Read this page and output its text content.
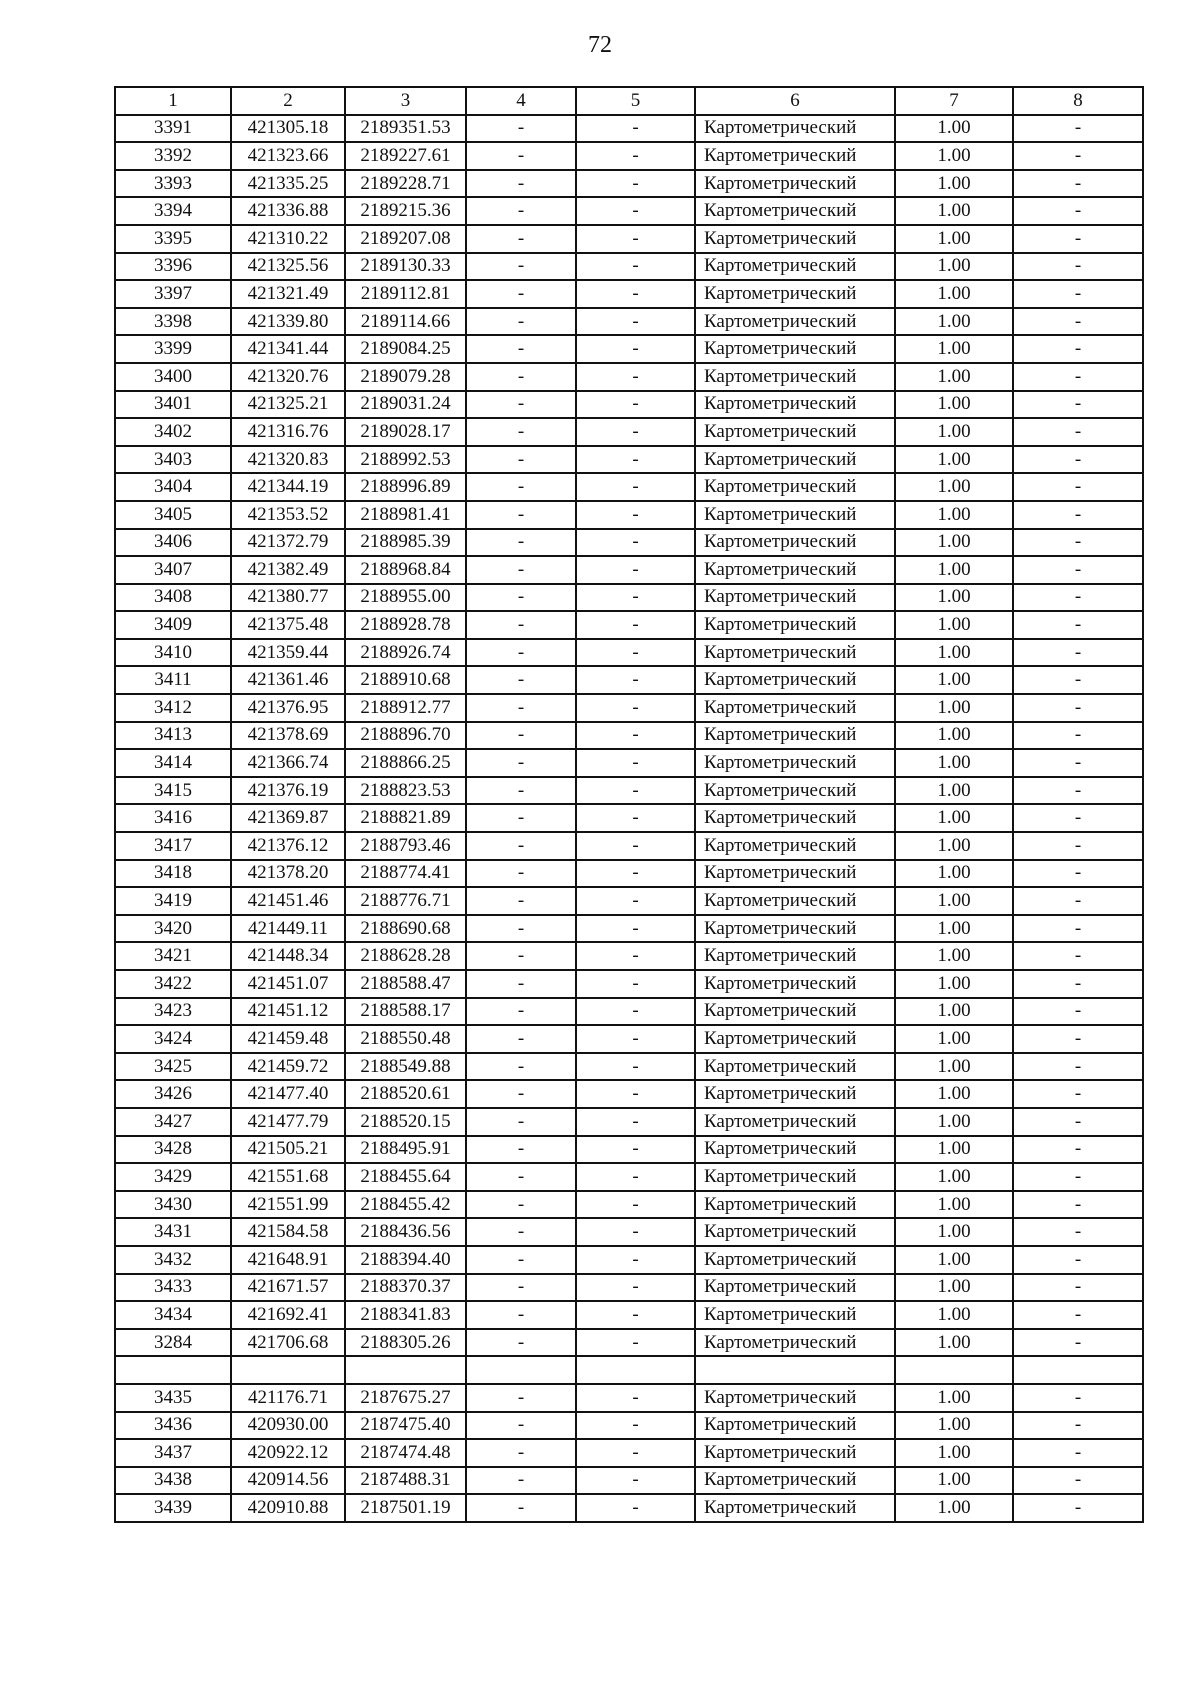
72
1	2	3	4	5	6	7	8
3391	421305.18	2189351.53	-	-	Картометрический	1.00	-
3392	421323.66	2189227.61	-	-	Картометрический	1.00	-
3393	421335.25	2189228.71	-	-	Картометрический	1.00	-
3394	421336.88	2189215.36	-	-	Картометрический	1.00	-
3395	421310.22	2189207.08	-	-	Картометрический	1.00	-
3396	421325.56	2189130.33	-	-	Картометрический	1.00	-
3397	421321.49	2189112.81	-	-	Картометрический	1.00	-
3398	421339.80	2189114.66	-	-	Картометрический	1.00	-
3399	421341.44	2189084.25	-	-	Картометрический	1.00	-
3400	421320.76	2189079.28	-	-	Картометрический	1.00	-
3401	421325.21	2189031.24	-	-	Картометрический	1.00	-
3402	421316.76	2189028.17	-	-	Картометрический	1.00	-
3403	421320.83	2188992.53	-	-	Картометрический	1.00	-
3404	421344.19	2188996.89	-	-	Картометрический	1.00	-
3405	421353.52	2188981.41	-	-	Картометрический	1.00	-
3406	421372.79	2188985.39	-	-	Картометрический	1.00	-
3407	421382.49	2188968.84	-	-	Картометрический	1.00	-
3408	421380.77	2188955.00	-	-	Картометрический	1.00	-
3409	421375.48	2188928.78	-	-	Картометрический	1.00	-
3410	421359.44	2188926.74	-	-	Картометрический	1.00	-
3411	421361.46	2188910.68	-	-	Картометрический	1.00	-
3412	421376.95	2188912.77	-	-	Картометрический	1.00	-
3413	421378.69	2188896.70	-	-	Картометрический	1.00	-
3414	421366.74	2188866.25	-	-	Картометрический	1.00	-
3415	421376.19	2188823.53	-	-	Картометрический	1.00	-
3416	421369.87	2188821.89	-	-	Картометрический	1.00	-
3417	421376.12	2188793.46	-	-	Картометрический	1.00	-
3418	421378.20	2188774.41	-	-	Картометрический	1.00	-
3419	421451.46	2188776.71	-	-	Картометрический	1.00	-
3420	421449.11	2188690.68	-	-	Картометрический	1.00	-
3421	421448.34	2188628.28	-	-	Картометрический	1.00	-
3422	421451.07	2188588.47	-	-	Картометрический	1.00	-
3423	421451.12	2188588.17	-	-	Картометрический	1.00	-
3424	421459.48	2188550.48	-	-	Картометрический	1.00	-
3425	421459.72	2188549.88	-	-	Картометрический	1.00	-
3426	421477.40	2188520.61	-	-	Картометрический	1.00	-
3427	421477.79	2188520.15	-	-	Картометрический	1.00	-
3428	421505.21	2188495.91	-	-	Картометрический	1.00	-
3429	421551.68	2188455.64	-	-	Картометрический	1.00	-
3430	421551.99	2188455.42	-	-	Картометрический	1.00	-
3431	421584.58	2188436.56	-	-	Картометрический	1.00	-
3432	421648.91	2188394.40	-	-	Картометрический	1.00	-
3433	421671.57	2188370.37	-	-	Картометрический	1.00	-
3434	421692.41	2188341.83	-	-	Картометрический	1.00	-
3284	421706.68	2188305.26	-	-	Картометрический	1.00	-

3435	421176.71	2187675.27	-	-	Картометрический	1.00	-
3436	420930.00	2187475.40	-	-	Картометрический	1.00	-
3437	420922.12	2187474.48	-	-	Картометрический	1.00	-
3438	420914.56	2187488.31	-	-	Картометрический	1.00	-
3439	420910.88	2187501.19	-	-	Картометрический	1.00	-
